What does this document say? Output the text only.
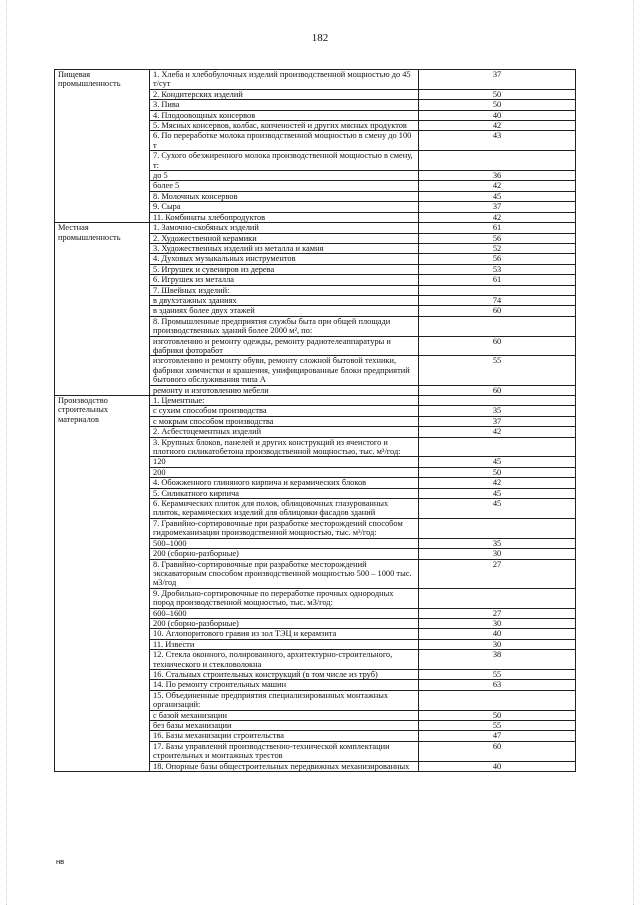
182
Пищевая промышленность	1. Хлеба и хлебобулочных изделий производственной мощностью до 45 т/сут	37
	2. Кондитерских изделий	50
	3. Пива	50
	4. Плодоовощных консервов	40
	5. Мясных консервов, колбас, копченостей и других мясных продуктов	42
	6. По переработке молока производственной мощностью в смену до 100 т	43
	7. Сухого обезжиренного молока производственной мощностью в смену, т:	
	до 5	36
	более 5	42
	8. Молочных консервов	45
	9. Сыра	37
	11. Комбинаты хлебопродуктов	42
Местная промышленность	1. Замочно-скобяных изделий	61
	2. Художественной керамики	56
	3. Художественных изделий из металла и камня	52
	4. Духовых музыкальных инструментов	56
	5. Игрушек и сувениров из дерева	53
	6. Игрушек из металла	61
	7. Швейных изделий:	
	в двухэтажных зданиях	74
	в зданиях более двух этажей	60
	8. Промышленные предприятия службы быта при общей площади производственных зданий более 2000 м², по:	
	изготовлению и ремонту одежды, ремонту радиотелеаппаратуры и фабрики фоторабот	60
	изготовлению и ремонту обуви, ремонту сложной бытовой техники, фабрики химчистки и крашения, унифицированные блоки предприятий бытового обслуживания типа А	55
	ремонту и изготовлению мебели	60
Производство строительных материалов	1. Цементные:	
	с сухим способом производства	35
	с мокрым способом производства	37
	2. Асбестоцементных изделий	42
	3. Крупных блоков, панелей и других конструкций из ячеистого и плотного силикатобетона производственной мощностью, тыс. м³/год:	
	120	45
	200	50
	4. Обожженного глиняного кирпича и керамических блоков	42
	5. Силикатного кирпича	45
	6. Керамических плиток для полов, облицовочных глазурованных плиток, керамических изделий для облицовки фасадов зданий	45
	7. Гравийно-сортировочные при разработке месторождений способом гидромеханизации производственной мощностью, тыс. м³/год:	
	500–1000	35
	200 (сборно-разборные)	30
	8. Гравийно-сортировочные при разработке месторождений экскаваторным способом производственной мощностью 500 – 1000 тыс. м3/год	27
	9. Дробильно-сортировочные по переработке прочных однородных пород производственной мощностью, тыс. м3/год:	
	600–1600	27
	200 (сборно-разборные)	30
	10. Аглопоритового гравия из зол ТЭЦ и керамзита	40
	11. Извести	30
	12. Стекла оконного, полированного, архитектурно-строительного, технического и стекловолокна	38
	16. Стальных строительных конструкций (в том числе из труб)	55
	14. По ремонту строительных машин	63
	15. Объединенные предприятия специализированных монтажных организаций:	
	с базой механизации	50
	без базы механизации	55
	16. Базы механизации строительства	47
	17. Базы управлений производственно-технической комплектации строительных и монтажных трестов	60
	18. Опорные базы общестроительных передвижных механизированных	40
нв
